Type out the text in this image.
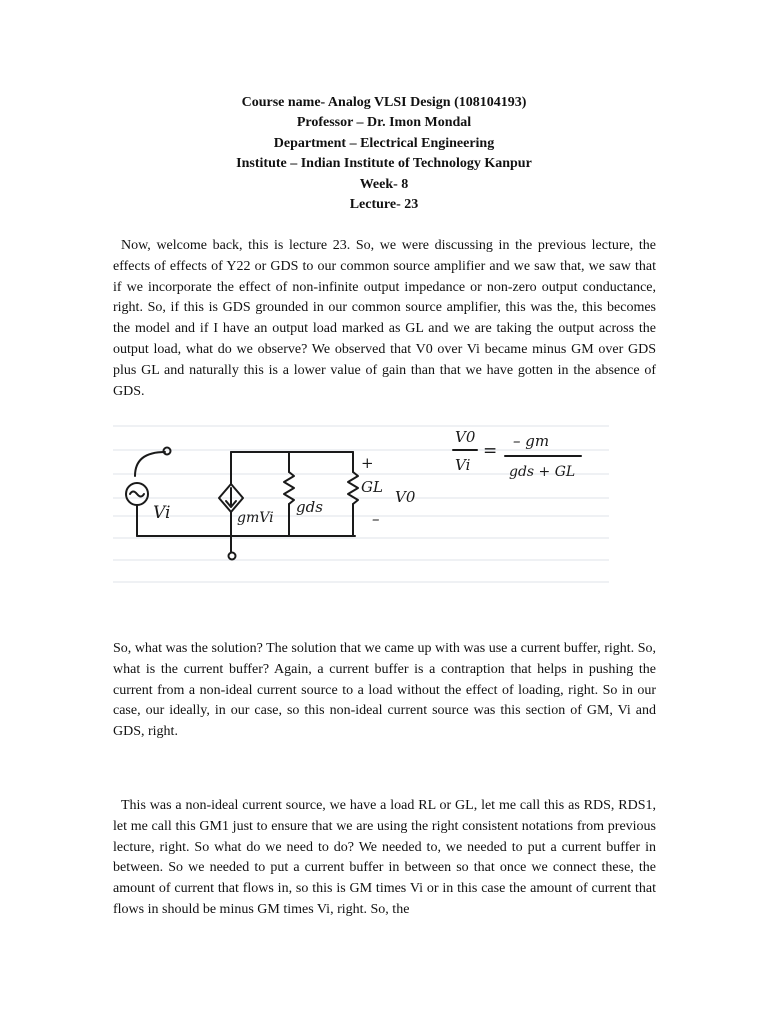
Course name- Analog VLSI Design (108104193)
Professor – Dr. Imon Mondal
Department – Electrical Engineering
Institute – Indian Institute of Technology Kanpur
Week- 8
Lecture- 23

Now, welcome back, this is lecture 23. So, we were discussing in the previous lecture, the effects of effects of Y22 or GDS to our common source amplifier and we saw that, we saw that if we incorporate the effect of non-infinite output impedance or non-zero output conductance, right. So, if this is GDS grounded in our common source amplifier, this was the, this becomes the model and if I have an output load marked as GL and we are taking the output across the output load, what do we observe? We observed that V0 over Vi became minus GM over GDS plus GL and naturally this is a lower value of gain than that we have gotten in the absence of GDS.

Vi	gmVi
gds
GL
+
–
V0
V0
Vi
= – gm
gds + GL

So, what was the solution? The solution that we came up with was use a current buffer, right. So, what is the current buffer? Again, a current buffer is a contraption that helps in pushing the current from a non-ideal current source to a load without the effect of loading, right. So in our case, our ideally, in our case, so this non-ideal current source was this section of GM, Vi and GDS, right.

This was a non-ideal current source, we have a load RL or GL, let me call this as RDS, RDS1, let me call this GM1 just to ensure that we are using the right consistent notations from previous lecture, right. So what do we need to do? We needed to, we needed to put a current buffer in between. So we needed to put a current buffer in between so that once we connect these, the amount of current that flows in, so this is GM times Vi or in this case the amount of current that flows in should be minus GM times Vi, right. So, the
